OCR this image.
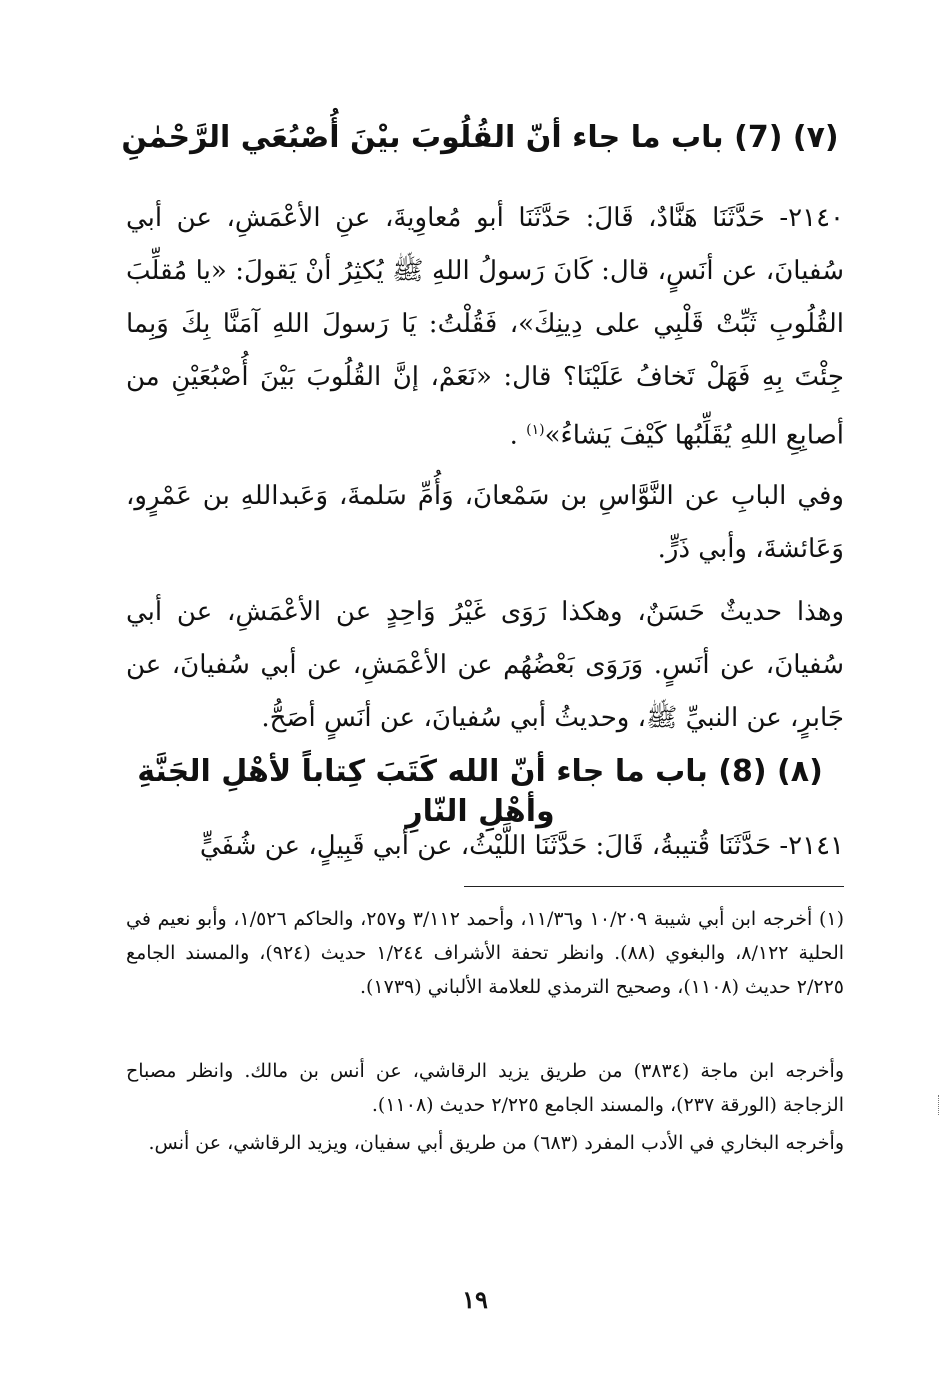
(٧) (7) باب ما جاء أنّ القُلُوبَ بيْنَ أُصْبُعَي الرَّحْمٰنِ
٢١٤٠- حَدَّثَنَا هَنَّادٌ، قَالَ: حَدَّثَنَا أبو مُعاوِيةَ، عنِ الأعْمَشِ، عن أبي سُفيانَ، عن أنَسٍ، قال: كَانَ رَسولُ اللهِ ﷺ يُكثِرُ أنْ يَقولَ: «يا مُقلِّبَ القُلُوبِ ثَبِّتْ قَلْبِي على دِينِكَ»، فَقُلْتُ: يَا رَسولَ اللهِ آمَنَّا بِكَ وَبِما جِئْتَ بِهِ فَهَلْ تَخافُ عَلَيْنَا؟ قال: «نَعَمْ، إنَّ القُلُوبَ بَيْنَ أُصْبُعَيْنِ من أصابِعِ اللهِ يُقَلِّبُها كَيْفَ يَشاءُ»$^{(١)}$ .
وفي البابِ عن النَّوَّاسِ بن سَمْعانَ، وَأُمِّ سَلمةَ، وَعَبداللهِ بن عَمْرٍو، وَعَائشةَ، وأبي ذَرٍّ.
وهذا حديثٌ حَسَنٌ، وهكذا رَوَى غَيْرُ وَاحِدٍ عن الأعْمَشِ، عن أبي سُفيانَ، عن أنَسٍ. وَرَوَى بَعْضُهُم عن الأعْمَشِ، عن أبي سُفيانَ، عن جَابرٍ، عن النبيِّ ﷺ، وحديثُ أبي سُفيانَ، عن أنَسٍ أصَحُّ.
(٨) (8) باب ما جاء أنّ الله كَتَبَ كِتاباً لأهْلِ الجَنَّةِ وأهْلِ النّارِ
٢١٤١- حَدَّثَنَا قُتيبةُ، قَالَ: حَدَّثَنَا اللَّيْثُ، عن أبي قَبِيلٍ، عن شُفَيٍّ
(١) أخرجه ابن أبي شيبة ١٠/٢٠٩ و١١/٣٦، وأحمد ٣/١١٢ و٢٥٧، والحاكم ١/٥٢٦، وأبو نعيم في الحلية ٨/١٢٢، والبغوي (٨٨). وانظر تحفة الأشراف ١/٢٤٤ حديث (٩٢٤)، والمسند الجامع ٢/٢٢٥ حديث (١١٠٨)، وصحيح الترمذي للعلامة الألباني (١٧٣٩).
وأخرجه ابن ماجة (٣٨٣٤) من طريق يزيد الرقاشي، عن أنس بن مالك. وانظر مصباح الزجاجة (الورقة ٢٣٧)، والمسند الجامع ٢/٢٢٥ حديث (١١٠٨).
وأخرجه البخاري في الأدب المفرد (٦٨٣) من طريق أبي سفيان، ويزيد الرقاشي، عن أنس.
١٩
